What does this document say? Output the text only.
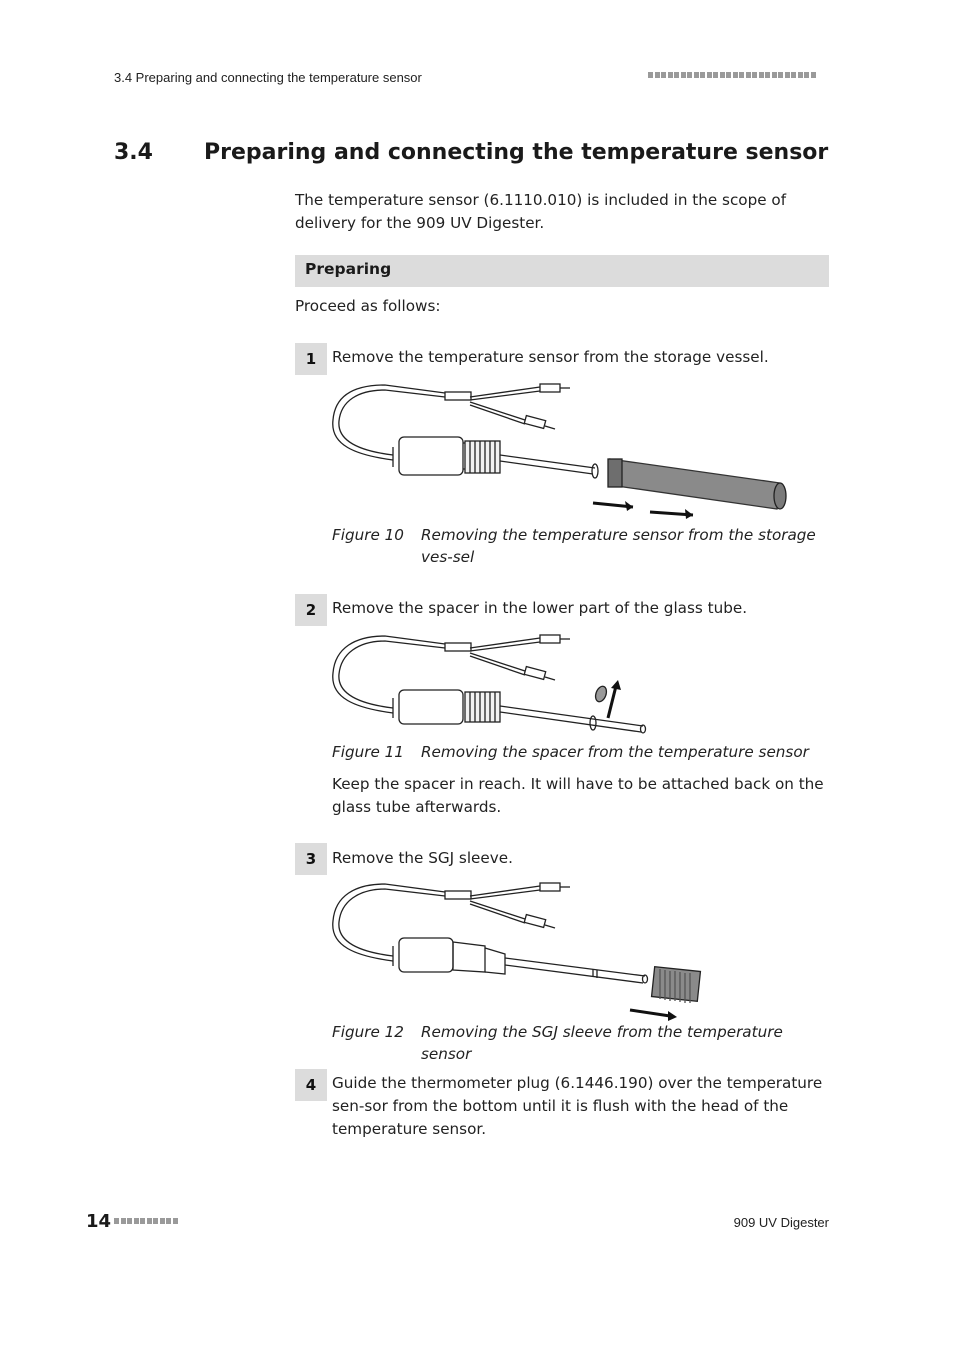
3.4 Preparing and connecting the temperature sensor
3.4 Preparing and connecting the temperature sensor
The temperature sensor (6.1110.010) is included in the scope of delivery for the 909 UV Digester.
Preparing
Proceed as follows:
1	Remove the temperature sensor from the storage vessel.
Figure 10 Removing the temperature sensor from the storage ves-sel
2	Remove the spacer in the lower part of the glass tube.
Figure 11 Removing the spacer from the temperature sensor
Keep the spacer in reach. It will have to be attached back on the glass tube afterwards.
3	Remove the SGJ sleeve.
Figure 12 Removing the SGJ sleeve from the temperature sensor
4	Guide the thermometer plug (6.1446.190) over the temperature sen-sor from the bottom until it is flush with the head of the temperature sensor.
14	909 UV Digester
